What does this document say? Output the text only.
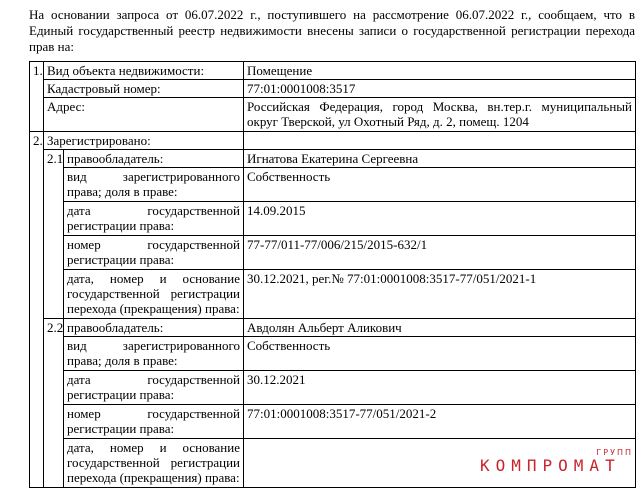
На основании запроса от 06.07.2022 г., поступившего на рассмотрение 06.07.2022 г., сообщаем, что в Единый государственный реестр недвижимости внесены записи о государственной регистрации перехода прав на:
1.	Вид объекта недвижимости:		Помещение
	Кадастровый номер:		77:01:0001008:3517
	Адрес:		Российская Федерация, город Москва, вн.тер.г. муниципальный округ Тверской, ул Охотный Ряд, д. 2, помещ. 1204
2.	Зарегистрировано:		
	2.1	правообладатель:	Игнатова Екатерина Сергеевна
		вид зарегистрированного права; доля в праве:	Собственность
		дата государственной регистрации права:	14.09.2015
		номер государственной регистрации права:	77-77/011-77/006/215/2015-632/1
		дата, номер и основание государственной регистрации перехода (прекращения) права:	30.12.2021, рег.№ 77:01:0001008:3517-77/051/2021-1
	2.2	правообладатель:	Авдолян Альберт Аликович
		вид зарегистрированного права; доля в праве:	Собственность
		дата государственной регистрации права:	30.12.2021
		номер государственной регистрации права:	77:01:0001008:3517-77/051/2021-2
		дата, номер и основание государственной регистрации перехода (прекращения) права:	
ГРУПП
КОМПРОМАТ
